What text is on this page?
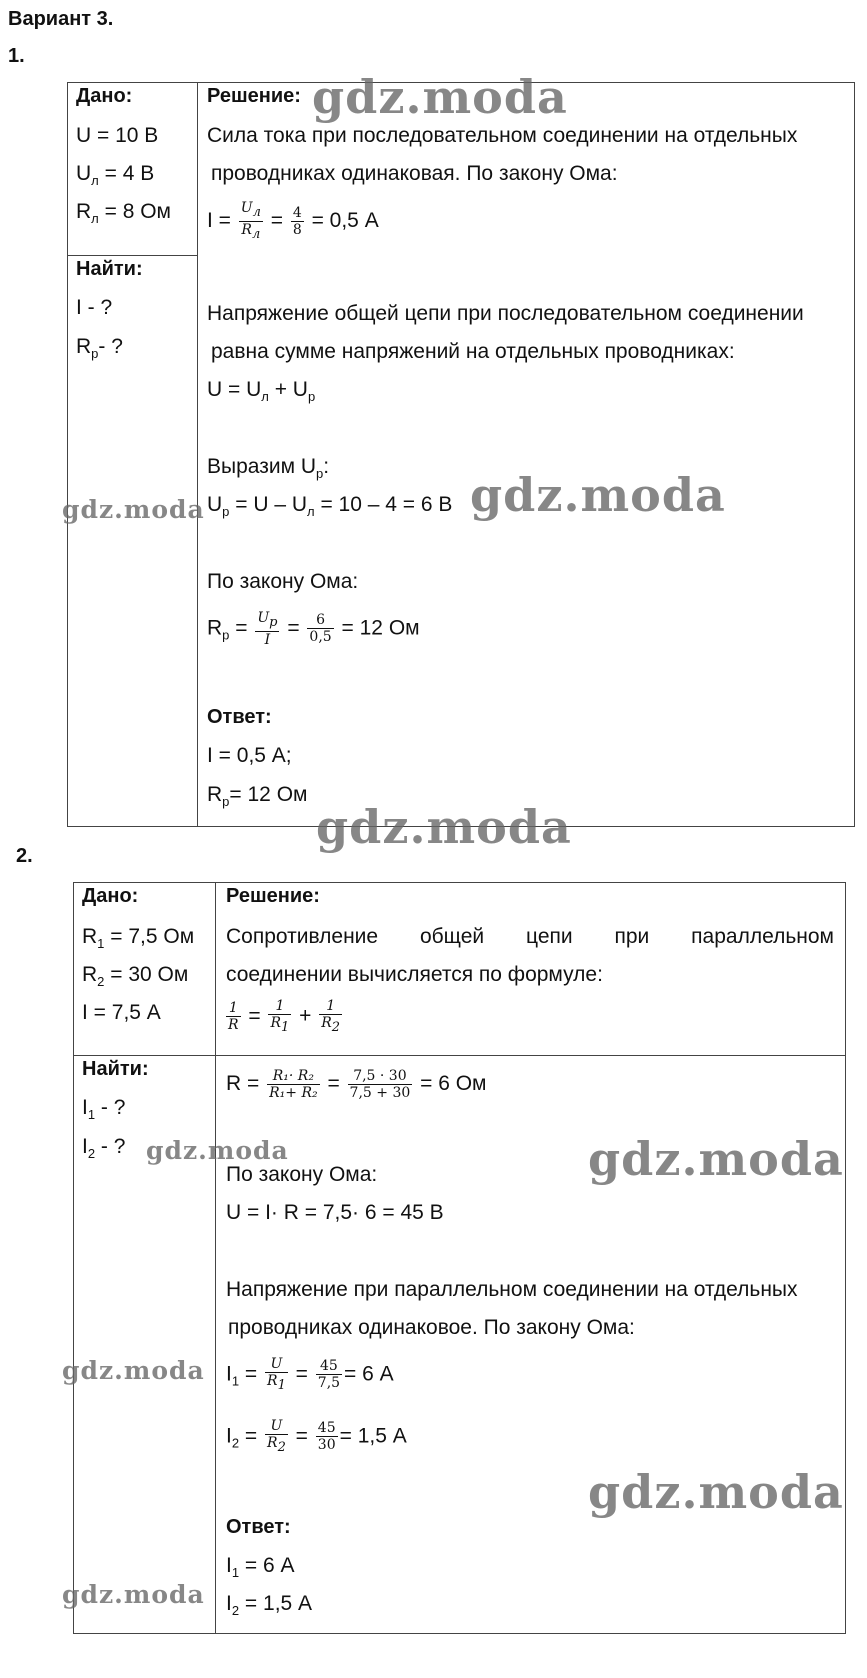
Вариант 3.
1.
Дано:
U = 10 В
$U_л = 4$ В
$R_л = 8$ Ом
Найти:
I - ?
$R_р-$ ?
Решение:
Сила тока при последовательном соединении на отдельных
проводниках одинаковая. По закону Ома:
$I = \frac{U_л}{R_л} = \frac{4}{8} = 0,5$ А
Напряжение общей цепи при последовательном соединении
равна сумме напряжений на отдельных проводниках:
$U = U_л + U_р$
Выразим $U_р$:
$U_р = U - U_л = 10 - 4 = 6$ В
По закону Ома:
$R_р = \frac{U_p}{I} = \frac{6}{0,5} = 12$ Ом
Ответ:
I = 0,5 А;
$R_р= 12$ Ом
2.
Дано:
$R_1 = 7,5$ Ом
$R_2 = 30$ Ом
I = 7,5 А
Найти:
$I_1$ - ?
$I_2$ - ?
Решение:
Сопротивление общей цепи при параллельном
соединении вычисляется по формуле:
$\frac{1}{R} = \frac{1}{R_1} + \frac{1}{R_2}$
$R = \frac{\text{R₁· R₂}}{\text{R₁+ R₂}} = \frac{7,5 \cdot 30}{7,5 + 30} = 6$ Ом
По закону Ома:
U = I· R = 7,5· 6 = 45 В
Напряжение при параллельном соединении на отдельных
проводниках одинаковое. По закону Ома:
$I_1 = \frac{U}{R_1} = \frac{45}{7,5} = 6$ А
$I_2 = \frac{U}{R_2} = \frac{45}{30} = 1,5$ А
Ответ:
$I_1 = 6$ А
$I_2 = 1,5$ А
gdz.moda
gdz.moda	gdz.moda
gdz.moda
gdz.moda	gdz.moda
gdz.moda
gdz.moda
gdz.moda
